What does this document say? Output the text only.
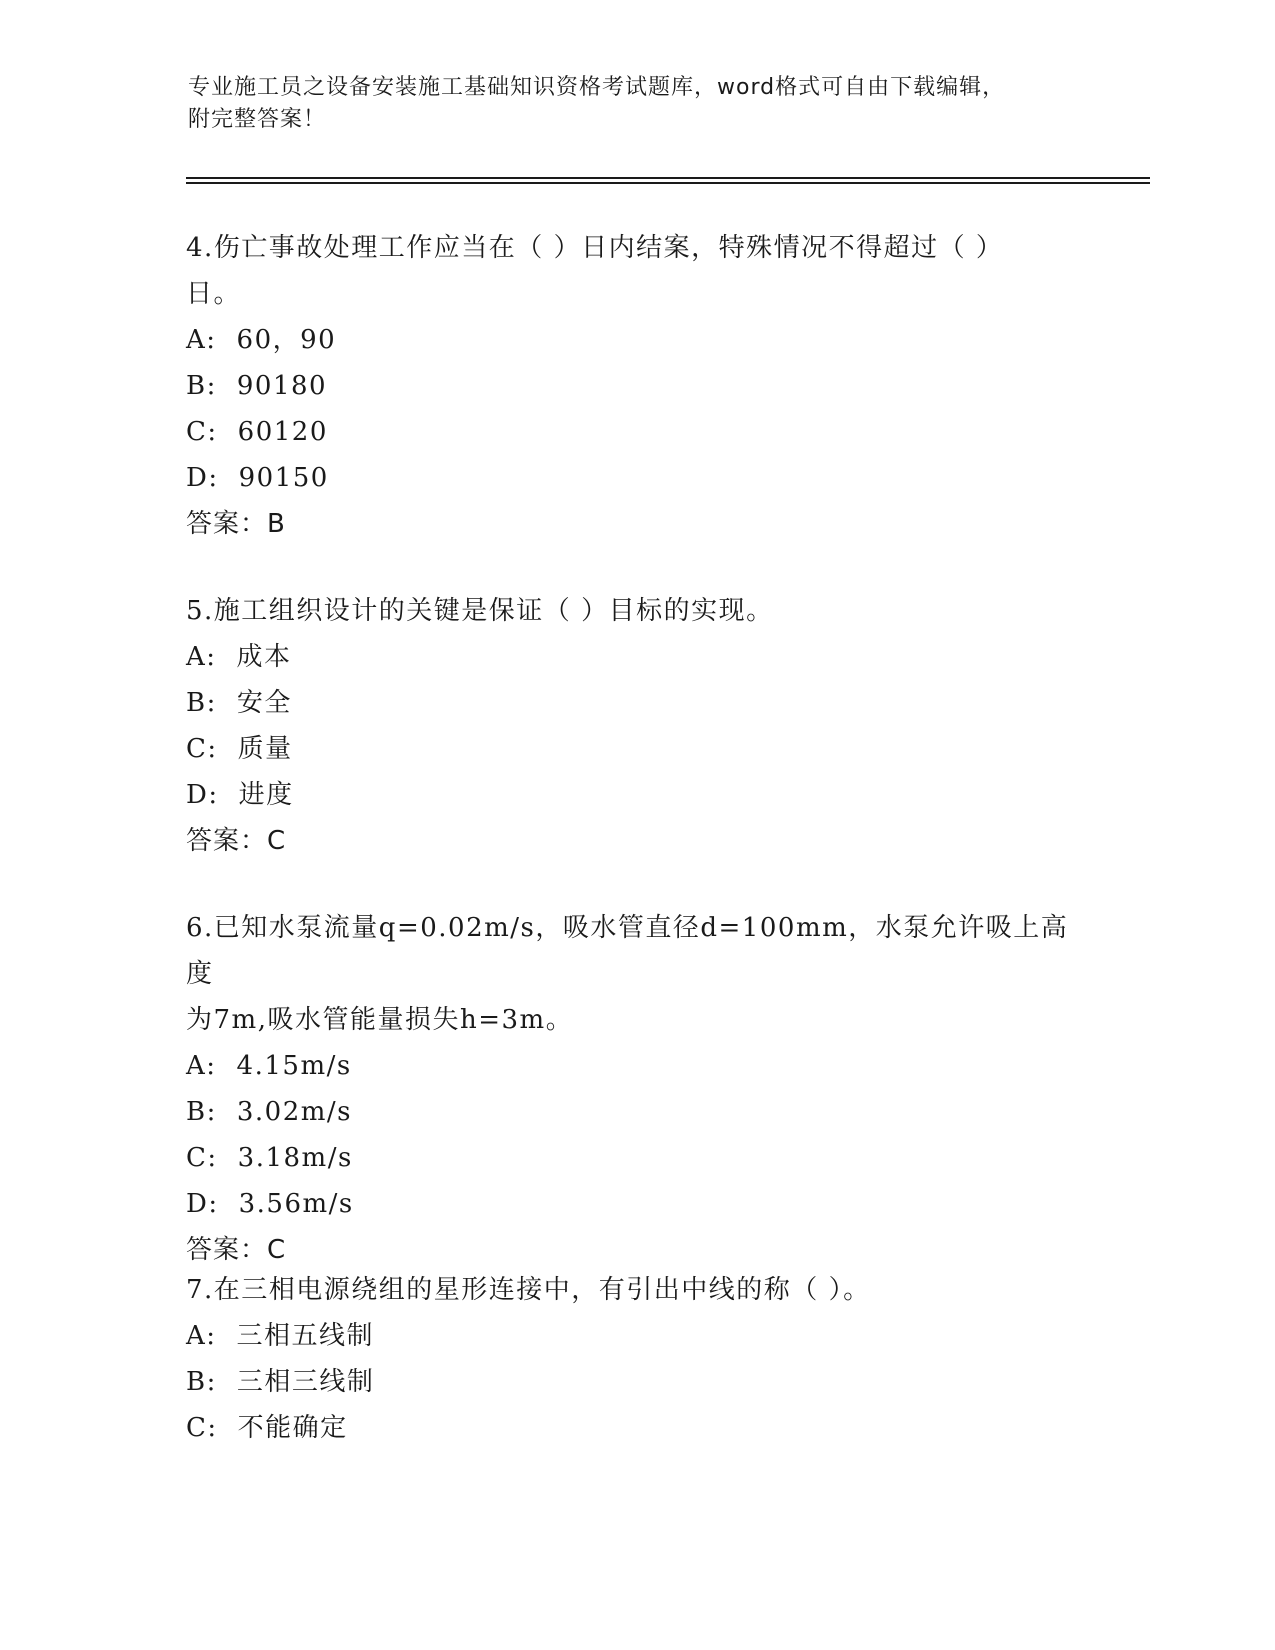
专业施工员之设备安装施工基础知识资格考试题库，word格式可自由下载编辑，
附完整答案！

4.伤亡事故处理工作应当在（ ）日内结案，特殊情况不得超过（ ）

日。

A: 60，90

B: 90180

C: 60120

D: 90150

答案：B

5.施工组织设计的关键是保证（ ）目标的实现。

A: 成本

B: 安全

C: 质量

D: 进度

答案：C

6.已知水泵流量q=0.02m/s，吸水管直径d=100mm，水泵允许吸上高度

为7m,吸水管能量损失h=3m。

A: 4.15m/s

B: 3.02m/s

C: 3.18m/s

D: 3.56m/s

答案：C

7.在三相电源绕组的星形连接中，有引出中线的称（ ）。

A: 三相五线制

B: 三相三线制

C: 不能确定
